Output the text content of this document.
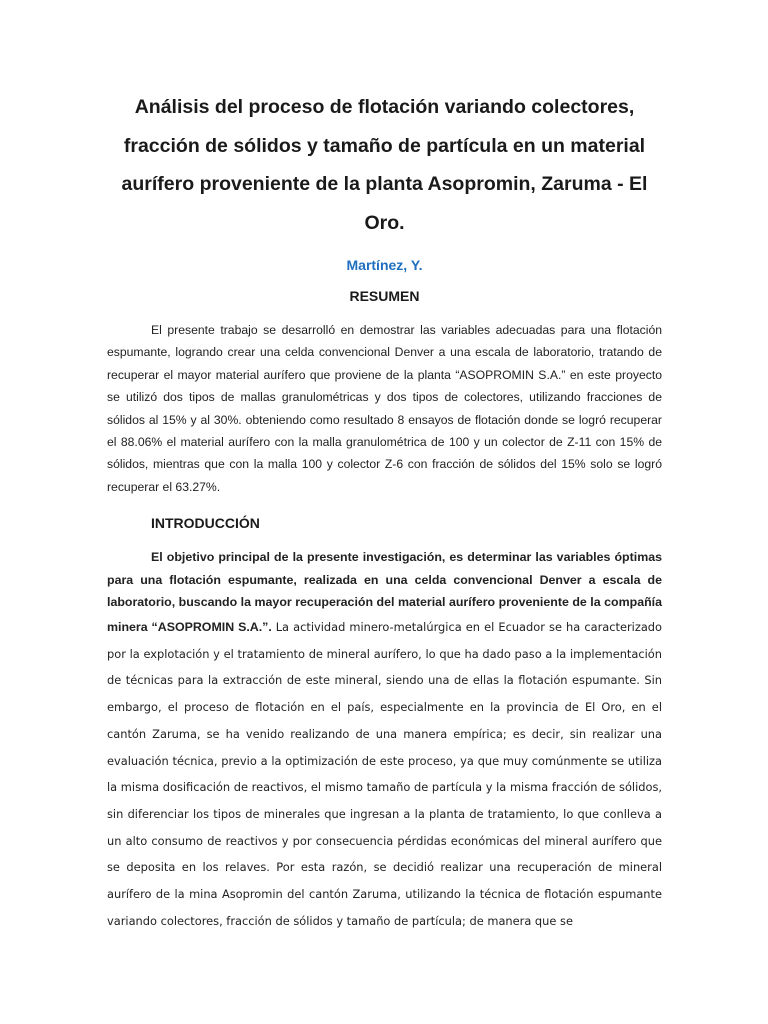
Análisis del proceso de flotación variando colectores, fracción de sólidos y tamaño de partícula en un material aurífero proveniente de la planta Asopromin, Zaruma - El Oro.
Martínez, Y.
RESUMEN

El presente trabajo se desarrolló en demostrar las variables adecuadas para una flotación espumante, logrando crear una celda convencional Denver a una escala de laboratorio, tratando de recuperar el mayor material aurífero que proviene de la planta “ASOPROMIN S.A.” en este proyecto se utilizó dos tipos de mallas granulométricas y dos tipos de colectores, utilizando fracciones de sólidos al 15% y al 30%. obteniendo como resultado 8 ensayos de flotación donde se logró recuperar el 88.06% el material aurífero con la malla granulométrica de 100 y un colector de Z-11 con 15% de sólidos, mientras que con la malla 100 y colector Z-6 con fracción de sólidos del 15% solo se logró recuperar el 63.27%.

INTRODUCCIÓN

El objetivo principal de la presente investigación, es determinar las variables óptimas para una flotación espumante, realizada en una celda convencional Denver a escala de laboratorio, buscando la mayor recuperación del material aurífero proveniente de la compañía minera “ASOPROMIN S.A.”. La actividad minero-metalúrgica en el Ecuador se ha caracterizado por la explotación y el tratamiento de mineral aurífero, lo que ha dado paso a la implementación de técnicas para la extracción de este mineral, siendo una de ellas la flotación espumante. Sin embargo, el proceso de flotación en el país, especialmente en la provincia de El Oro, en el cantón Zaruma, se ha venido realizando de una manera empírica; es decir, sin realizar una evaluación técnica, previo a la optimización de este proceso, ya que muy comúnmente se utiliza la misma dosificación de reactivos, el mismo tamaño de partícula y la misma fracción de sólidos, sin diferenciar los tipos de minerales que ingresan a la planta de tratamiento, lo que conlleva a un alto consumo de reactivos y por consecuencia pérdidas económicas del mineral aurífero que se deposita en los relaves. Por esta razón, se decidió realizar una recuperación de mineral aurífero de la mina Asopromin del cantón Zaruma, utilizando la técnica de flotación espumante variando colectores, fracción de sólidos y tamaño de partícula; de manera que se
